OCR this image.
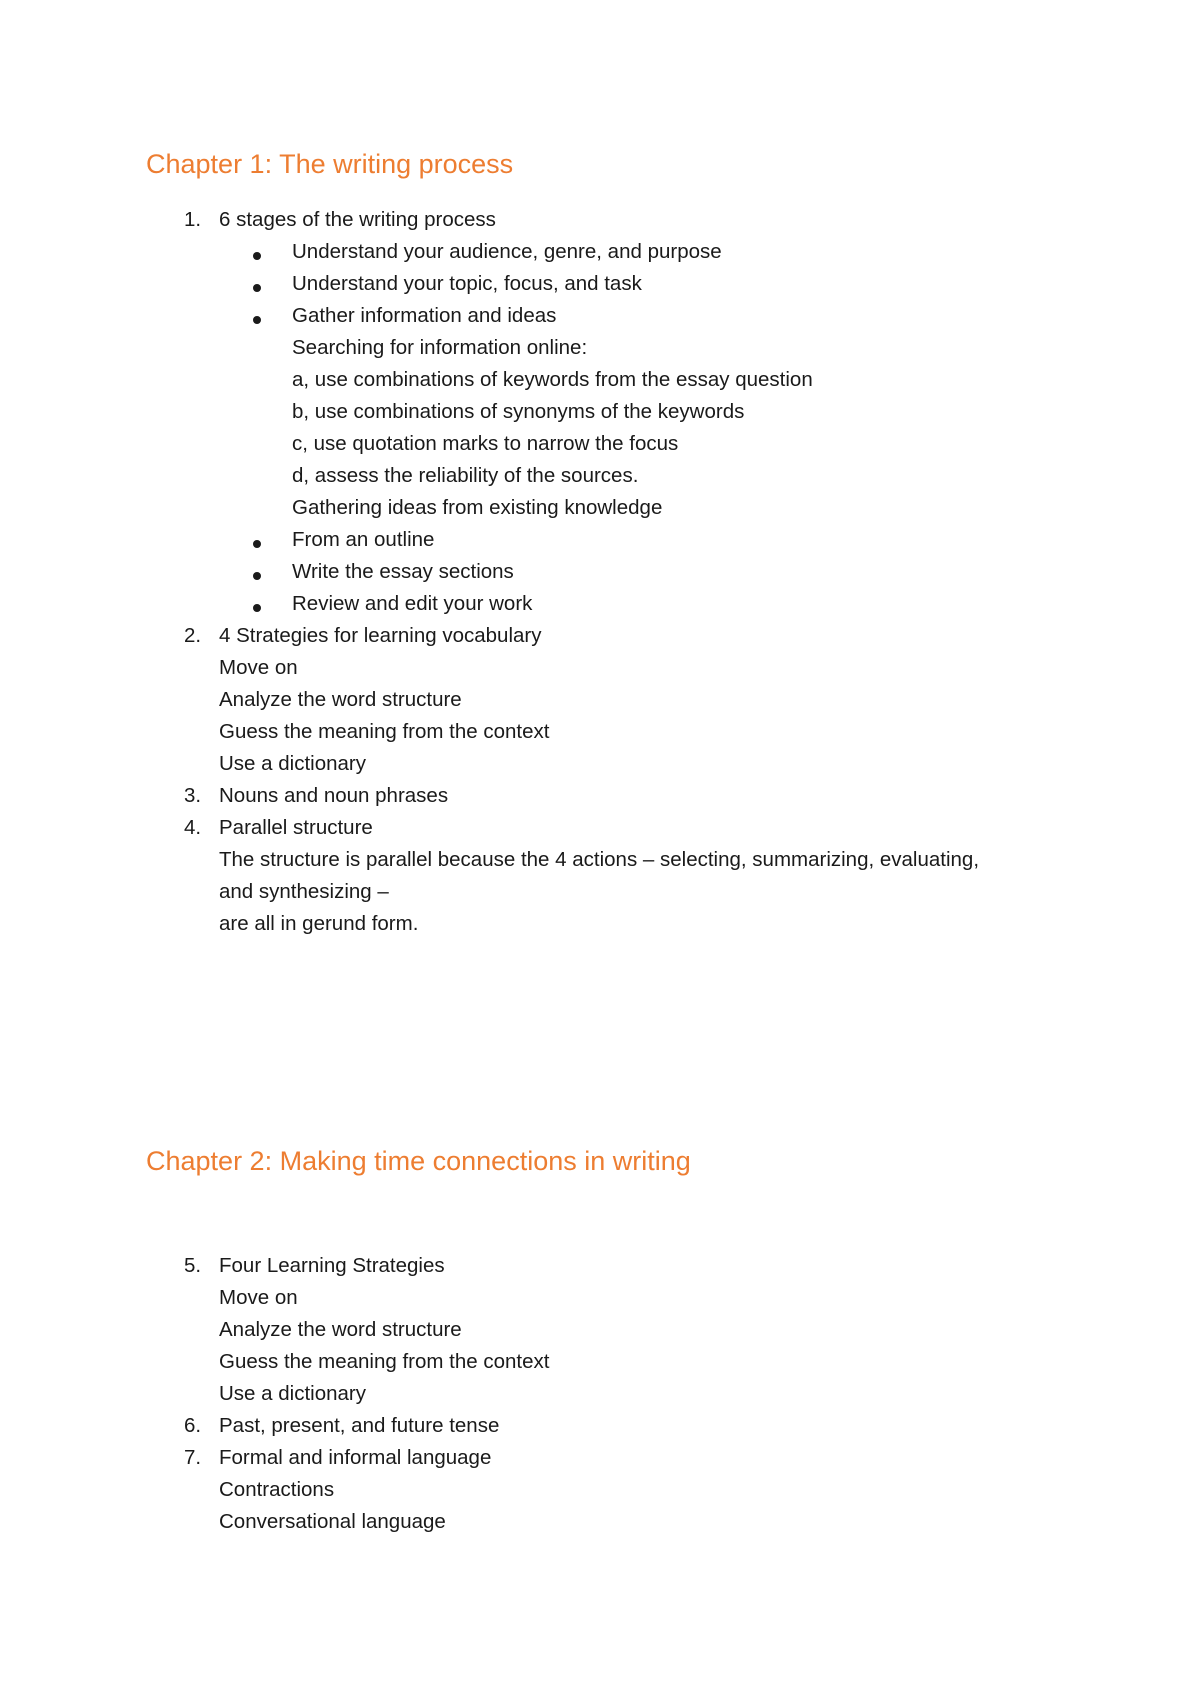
Chapter 1: The writing process
1. 6 stages of the writing process
Understand your audience, genre, and purpose
Understand your topic, focus, and task
Gather information and ideas
Searching for information online:
a, use combinations of keywords from the essay question
b, use combinations of synonyms of the keywords
c, use quotation marks to narrow the focus
d, assess the reliability of the sources.
Gathering ideas from existing knowledge
From an outline
Write the essay sections
Review and edit your work
2. 4 Strategies for learning vocabulary
Move on
Analyze the word structure
Guess the meaning from the context
Use a dictionary
3. Nouns and noun phrases
4. Parallel structure
The structure is parallel because the 4 actions – selecting, summarizing, evaluating,
and synthesizing –
are all in gerund form.
Chapter 2: Making time connections in writing
5. Four Learning Strategies
Move on
Analyze the word structure
Guess the meaning from the context
Use a dictionary
6. Past, present, and future tense
7. Formal and informal language
Contractions
Conversational language
